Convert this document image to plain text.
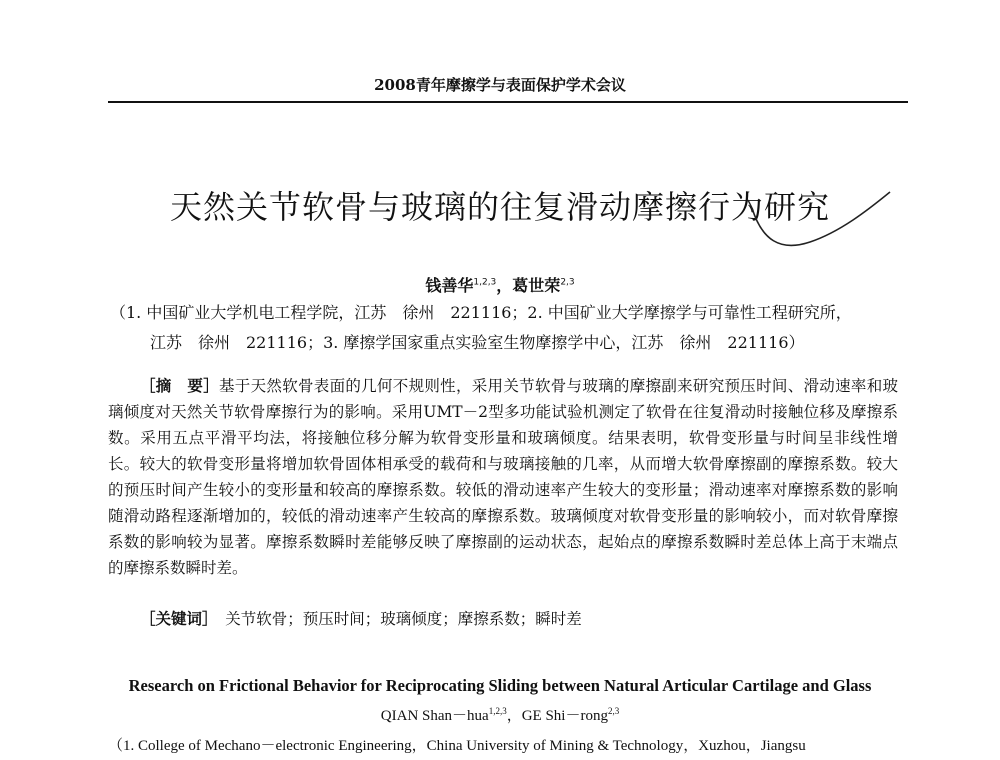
2008青年摩擦学与表面保护学术会议
天然关节软骨与玻璃的往复滑动摩擦行为研究
钱善华$^{1,2,3}$，葛世荣$^{2,3}$
（1. 中国矿业大学机电工程学院，江苏　徐州　221116；2. 中国矿业大学摩擦学与可靠性工程研究所，
江苏　徐州　221116；3. 摩擦学国家重点实验室生物摩擦学中心，江苏　徐州　221116）

［摘　要］基于天然软骨表面的几何不规则性，采用关节软骨与玻璃的摩擦副来研究预压时间、滑动速率和玻璃倾度对天然关节软骨摩擦行为的影响。采用UMT－2型多功能试验机测定了软骨在往复滑动时接触位移及摩擦系数。采用五点平滑平均法，将接触位移分解为软骨变形量和玻璃倾度。结果表明，软骨变形量与时间呈非线性增长。较大的软骨变形量将增加软骨固体相承受的载荷和与玻璃接触的几率，从而增大软骨摩擦副的摩擦系数。较大的预压时间产生较小的变形量和较高的摩擦系数。较低的滑动速率产生较大的变形量；滑动速率对摩擦系数的影响随滑动路程逐渐增加的，较低的滑动速率产生较高的摩擦系数。玻璃倾度对软骨变形量的影响较小，而对软骨摩擦系数的影响较为显著。摩擦系数瞬时差能够反映了摩擦副的运动状态，起始点的摩擦系数瞬时差总体上高于末端点的摩擦系数瞬时差。

［关键词］　 关节软骨；预压时间；玻璃倾度；摩擦系数；瞬时差
Research on Frictional Behavior for Reciprocating Sliding between Natural Articular Cartilage and Glass
QIAN Shan－hua$^{1,2,3}$，GE Shi－rong$^{2,3}$
（1. College of Mechano－electronic Engineering，China University of Mining & Technology，Xuzhou，Jiangsu
